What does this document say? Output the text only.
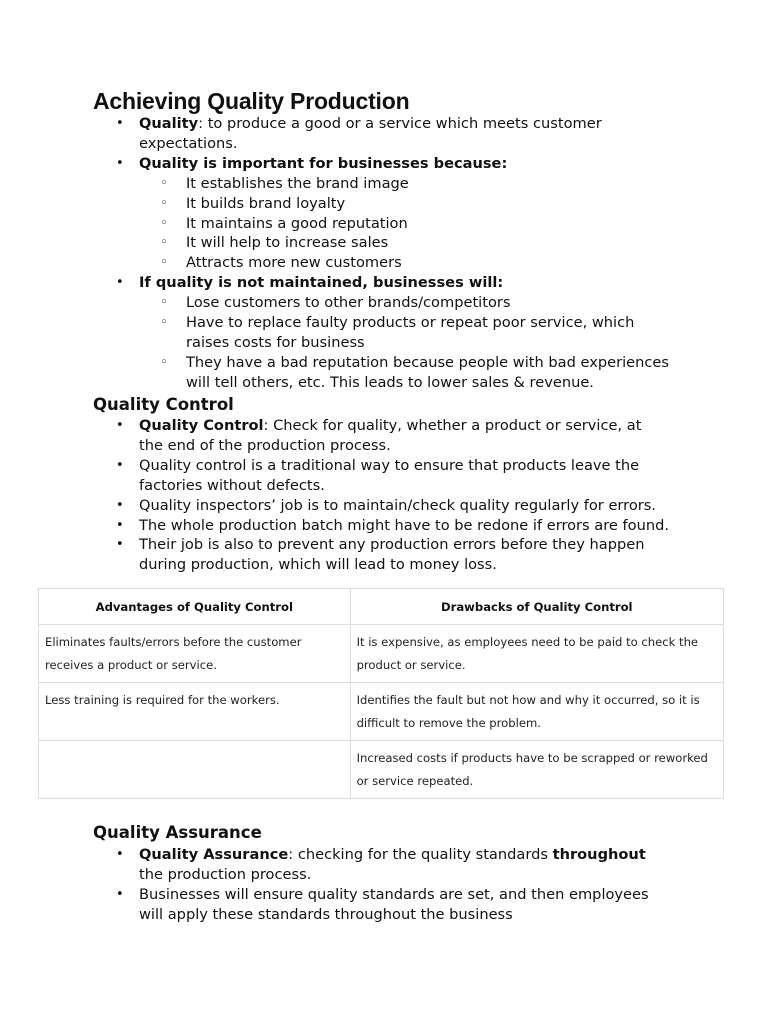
Achieving Quality Production
• Quality: to produce a good or a service which meets customer expectations.
• Quality is important for businesses because:
◦ It establishes the brand image
◦ It builds brand loyalty
◦ It maintains a good reputation
◦ It will help to increase sales
◦ Attracts more new customers
• If quality is not maintained, businesses will:
◦ Lose customers to other brands/competitors
◦ Have to replace faulty products or repeat poor service, which raises costs for business
◦ They have a bad reputation because people with bad experiences will tell others, etc. This leads to lower sales & revenue.
Quality Control
• Quality Control: Check for quality, whether a product or service, at the end of the production process.
• Quality control is a traditional way to ensure that products leave the factories without defects.
• Quality inspectors’ job is to maintain/check quality regularly for errors.
• The whole production batch might have to be redone if errors are found.
• Their job is also to prevent any production errors before they happen during production, which will lead to money loss.
Advantages of Quality Control	Drawbacks of Quality Control
Eliminates faults/errors before the customer receives a product or service.	It is expensive, as employees need to be paid to check the product or service.
Less training is required for the workers.	Identifies the fault but not how and why it occurred, so it is difficult to remove the problem.
	Increased costs if products have to be scrapped or reworked or service repeated.
Quality Assurance
• Quality Assurance: checking for the quality standards throughout the production process.
• Businesses will ensure quality standards are set, and then employees will apply these standards throughout the business
